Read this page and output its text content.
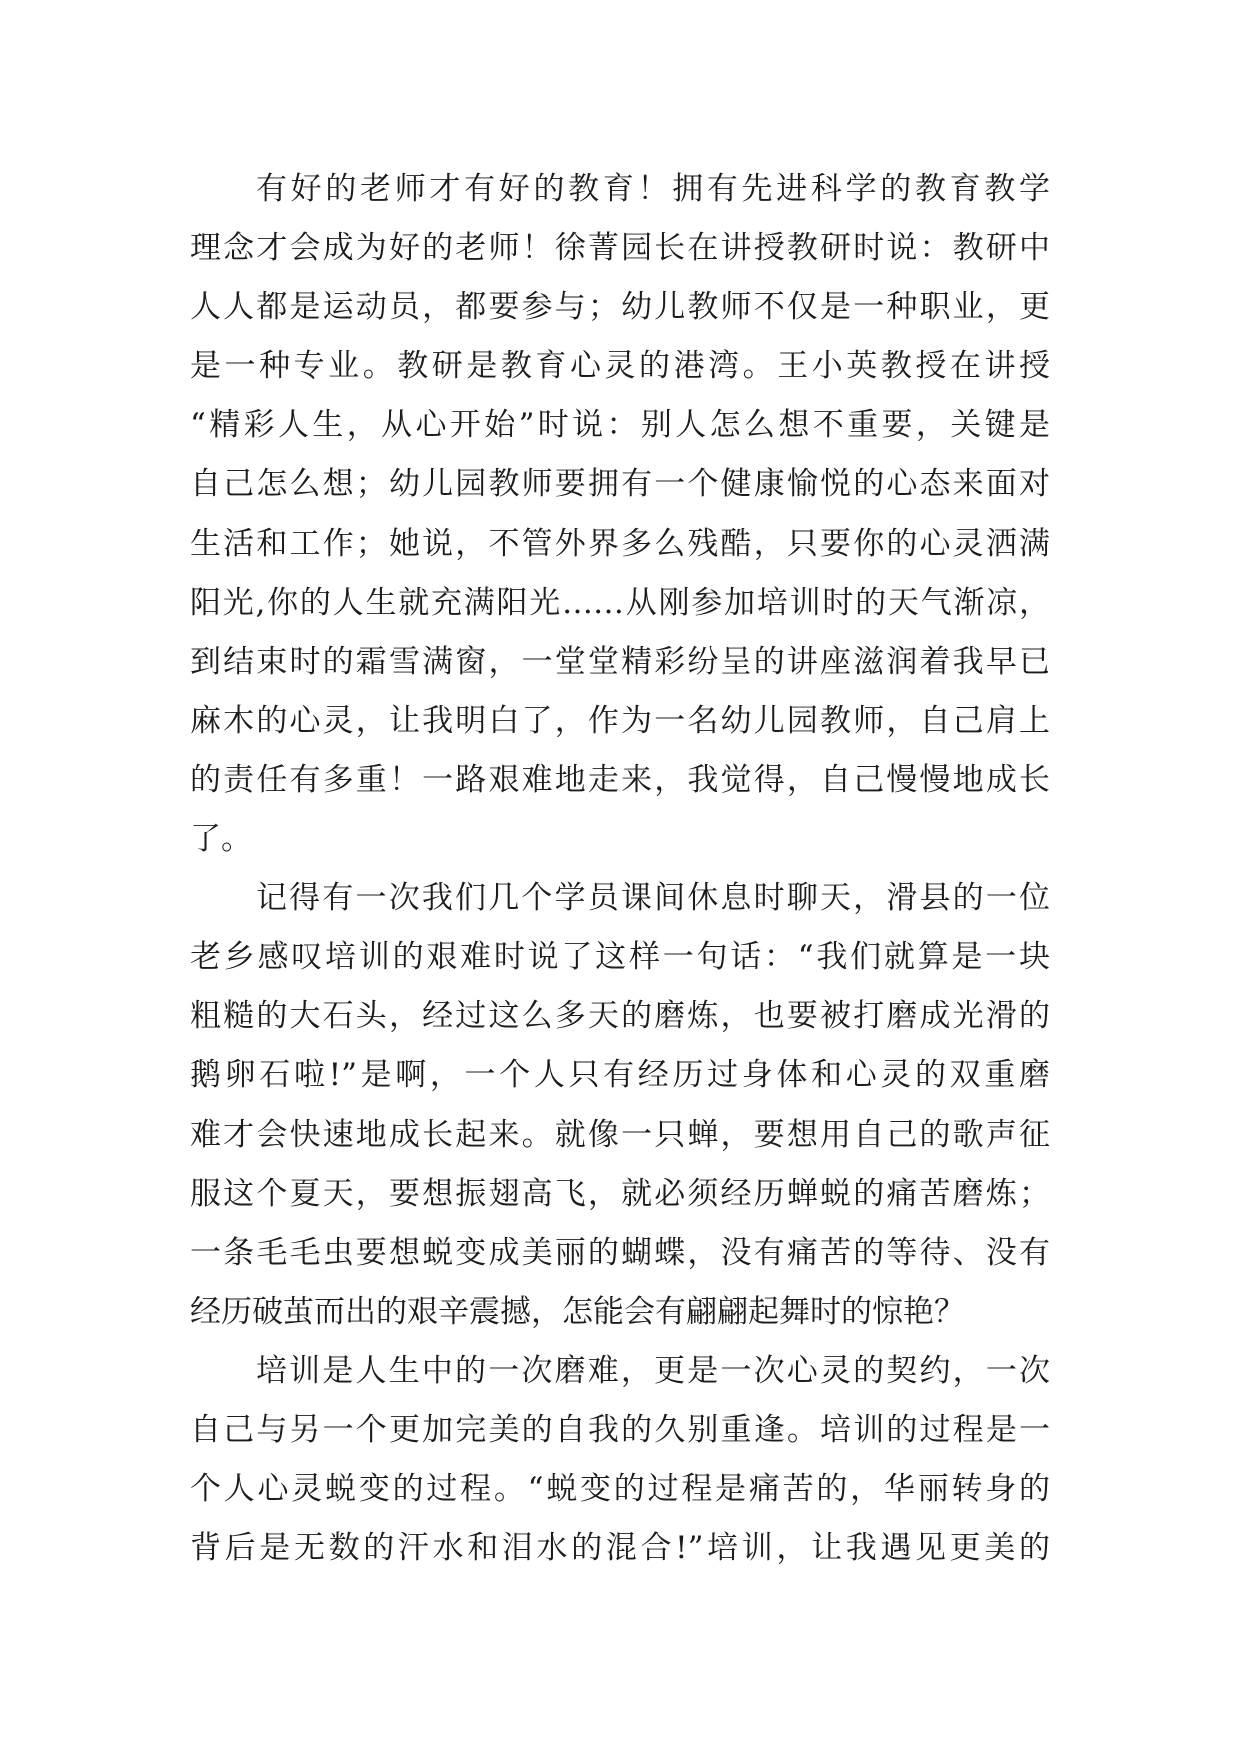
有好的老师才有好的教育！拥有先进科学的教育教学
理念才会成为好的老师！徐菁园长在讲授教研时说：教研中
人人都是运动员，都要参与；幼儿教师不仅是一种职业，更
是一种专业。教研是教育心灵的港湾。王小英教授在讲授
“精彩人生，从心开始”时说：别人怎么想不重要，关键是
自己怎么想；幼儿园教师要拥有一个健康愉悦的心态来面对
生活和工作；她说，不管外界多么残酷，只要你的心灵洒满
阳光,你的人生就充满阳光……从刚参加培训时的天气渐凉，
到结束时的霜雪满窗，一堂堂精彩纷呈的讲座滋润着我早已
麻木的心灵，让我明白了，作为一名幼儿园教师，自己肩上
的责任有多重！一路艰难地走来，我觉得，自己慢慢地成长
了。
记得有一次我们几个学员课间休息时聊天，滑县的一位
老乡感叹培训的艰难时说了这样一句话：“我们就算是一块
粗糙的大石头，经过这么多天的磨炼，也要被打磨成光滑的
鹅卵石啦!”是啊，一个人只有经历过身体和心灵的双重磨
难才会快速地成长起来。就像一只蝉，要想用自己的歌声征
服这个夏天，要想振翅高飞，就必须经历蝉蜕的痛苦磨炼；
一条毛毛虫要想蜕变成美丽的蝴蝶，没有痛苦的等待、没有
经历破茧而出的艰辛震撼，怎能会有翩翩起舞时的惊艳？
培训是人生中的一次磨难，更是一次心灵的契约，一次
自己与另一个更加完美的自我的久别重逢。培训的过程是一
个人心灵蜕变的过程。“蜕变的过程是痛苦的，华丽转身的
背后是无数的汗水和泪水的混合!”培训，让我遇见更美的
